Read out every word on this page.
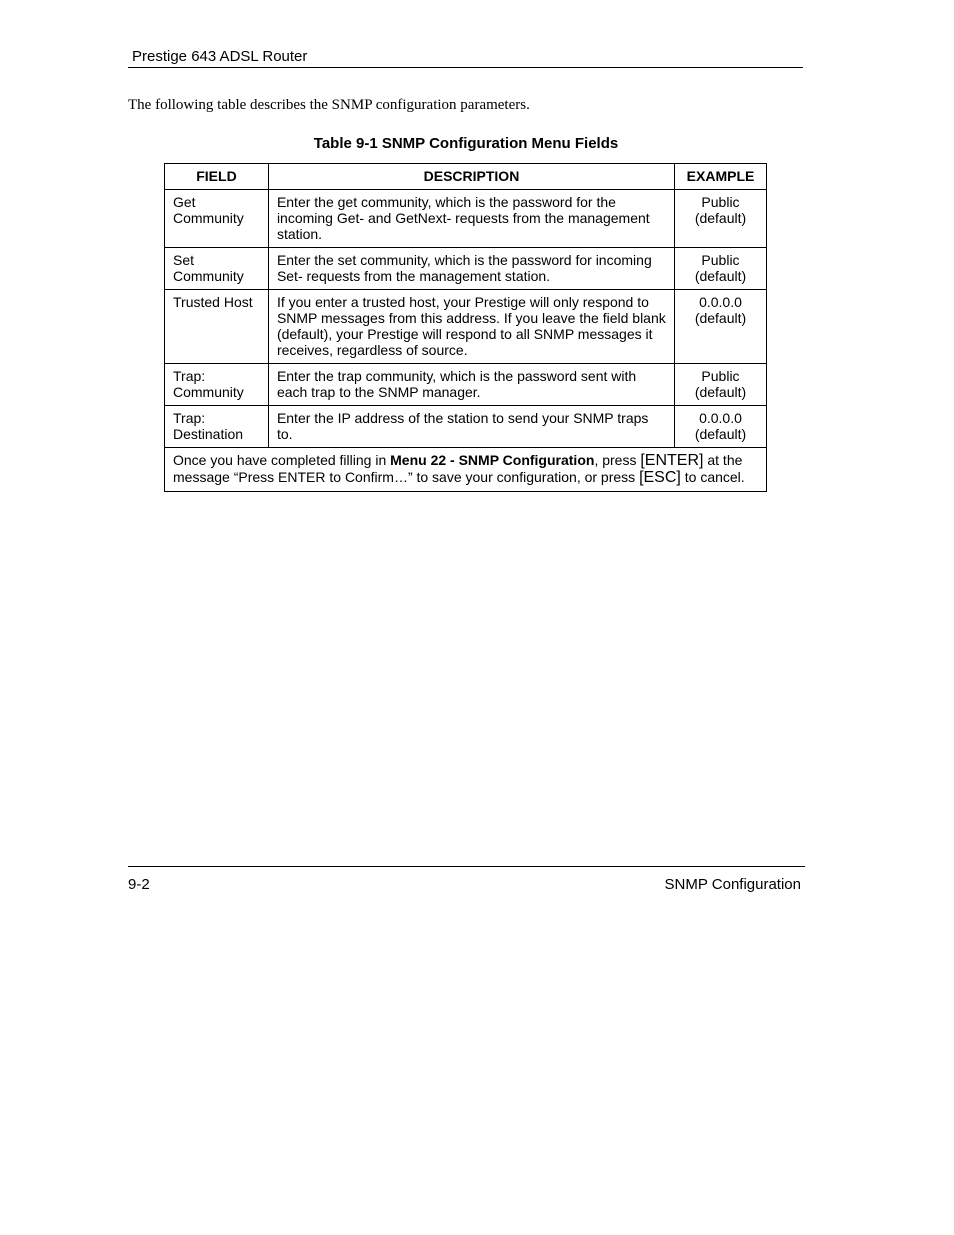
Prestige 643 ADSL Router
The following table describes the SNMP configuration parameters.
Table 9-1 SNMP Configuration Menu Fields
FIELD	DESCRIPTION	EXAMPLE
Get Community	Enter the get community, which is the password for the incoming Get- and GetNext- requests from the management station.	Public
(default)
Set Community	Enter the set community, which is the password for incoming Set- requests from the management station.	Public
(default)
Trusted Host	If you enter a trusted host, your Prestige will only respond to SNMP messages from this address. If you leave the field blank (default), your Prestige will respond to all SNMP messages it receives, regardless of source.	0.0.0.0
(default)
Trap: Community	Enter the trap community, which is the password sent with each trap to the SNMP manager.	Public
(default)
Trap: Destination	Enter the IP address of the station to send your SNMP traps to.	0.0.0.0
(default)
Once you have completed filling in Menu 22 - SNMP Configuration, press [ENTER] at the message “Press ENTER to Confirm…” to save your configuration, or press [ESC] to cancel.		
9-2	SNMP Configuration
